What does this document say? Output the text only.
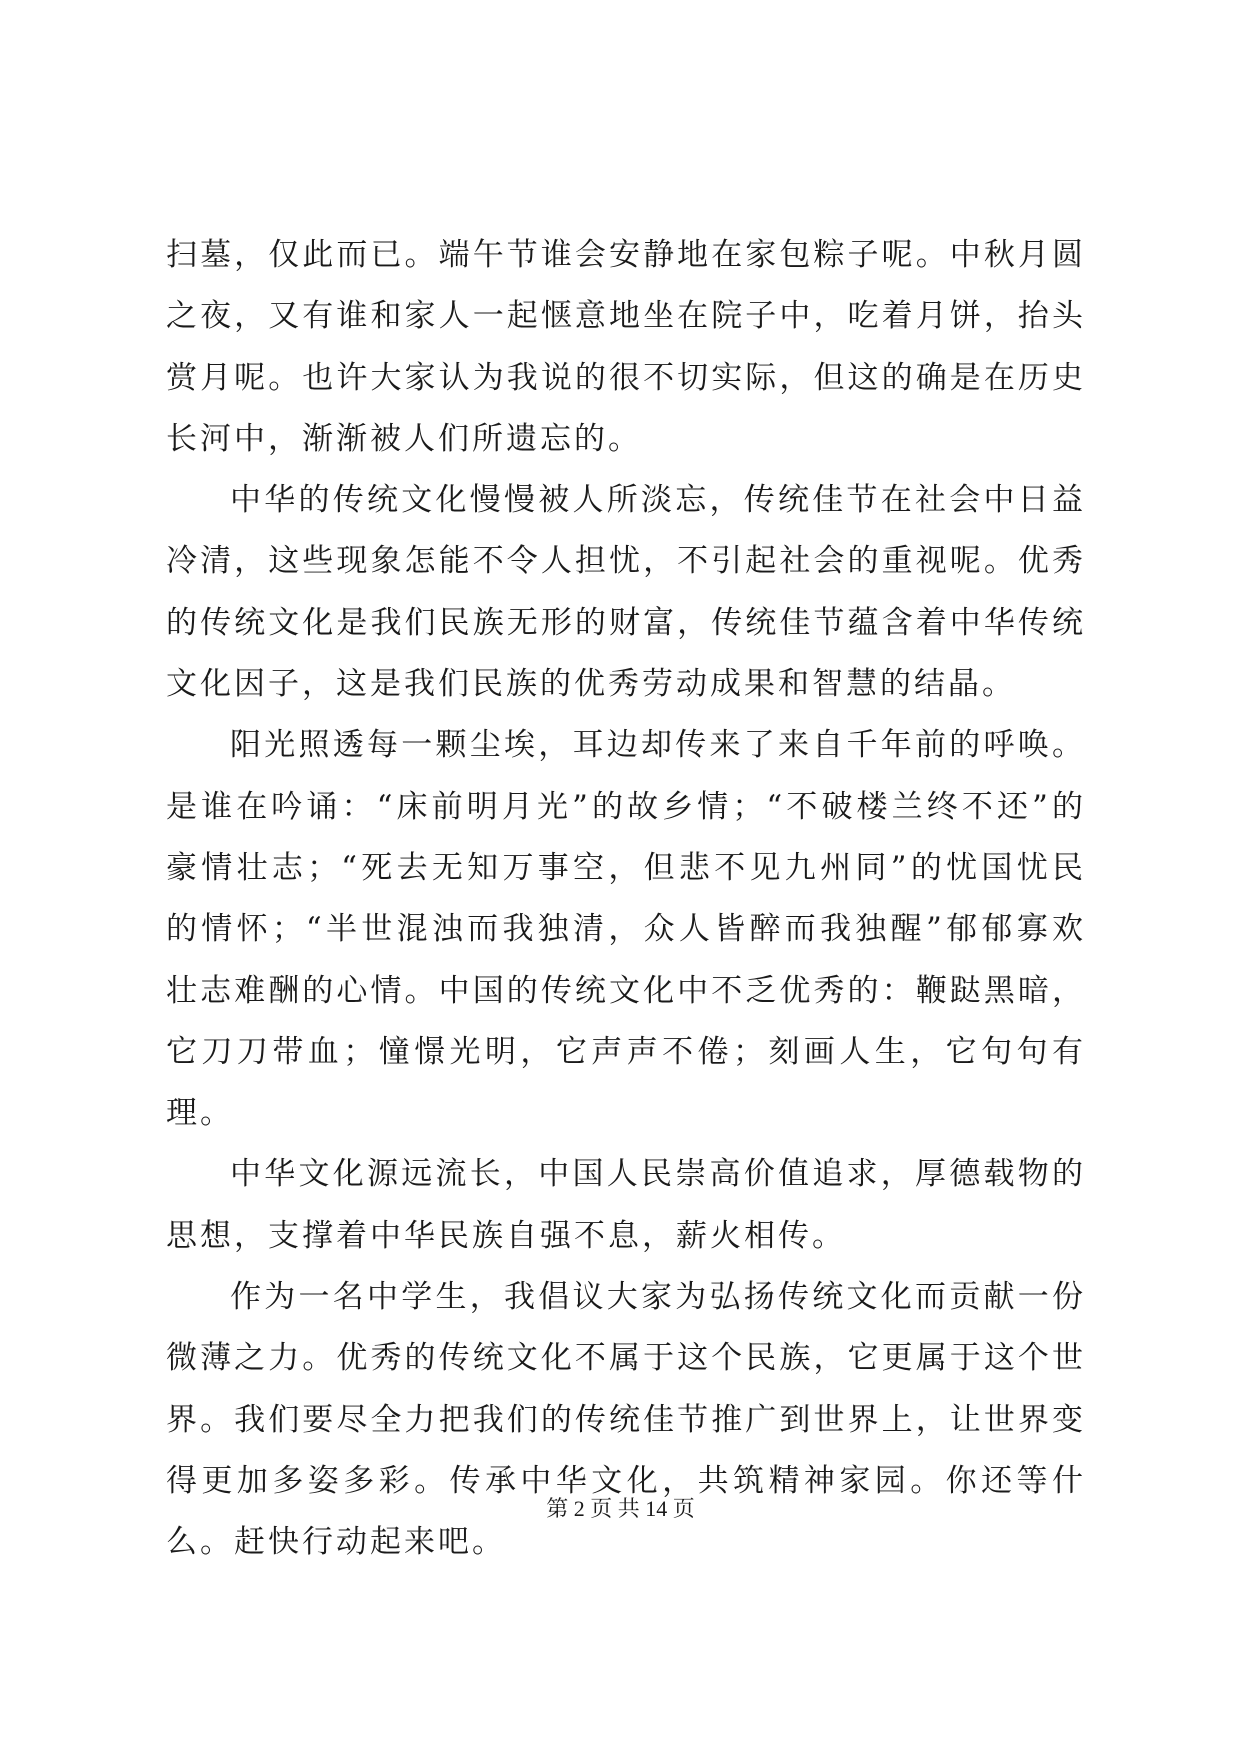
扫墓，仅此而已。端午节谁会安静地在家包粽子呢。中秋月圆之夜，又有谁和家人一起惬意地坐在院子中，吃着月饼，抬头赏月呢。也许大家认为我说的很不切实际，但这的确是在历史长河中，渐渐被人们所遗忘的。

中华的传统文化慢慢被人所淡忘，传统佳节在社会中日益冷清，这些现象怎能不令人担忧，不引起社会的重视呢。优秀的传统文化是我们民族无形的财富，传统佳节蕴含着中华传统文化因子，这是我们民族的优秀劳动成果和智慧的结晶。

阳光照透每一颗尘埃，耳边却传来了来自千年前的呼唤。是谁在吟诵：“床前明月光”的故乡情；“不破楼兰终不还”的豪情壮志；“死去无知万事空，但悲不见九州同”的忧国忧民的情怀；“半世混浊而我独清，众人皆醉而我独醒”郁郁寡欢壮志难酬的心情。中国的传统文化中不乏优秀的：鞭跶黑暗，它刀刀带血；憧憬光明，它声声不倦；刻画人生，它句句有理。

中华文化源远流长，中国人民崇高价值追求，厚德载物的思想，支撑着中华民族自强不息，薪火相传。

作为一名中学生，我倡议大家为弘扬传统文化而贡献一份微薄之力。优秀的传统文化不属于这个民族，它更属于这个世界。我们要尽全力把我们的传统佳节推广到世界上，让世界变得更加多姿多彩。传承中华文化，共筑精神家园。你还等什么。赶快行动起来吧。

第 2 页 共 14 页
